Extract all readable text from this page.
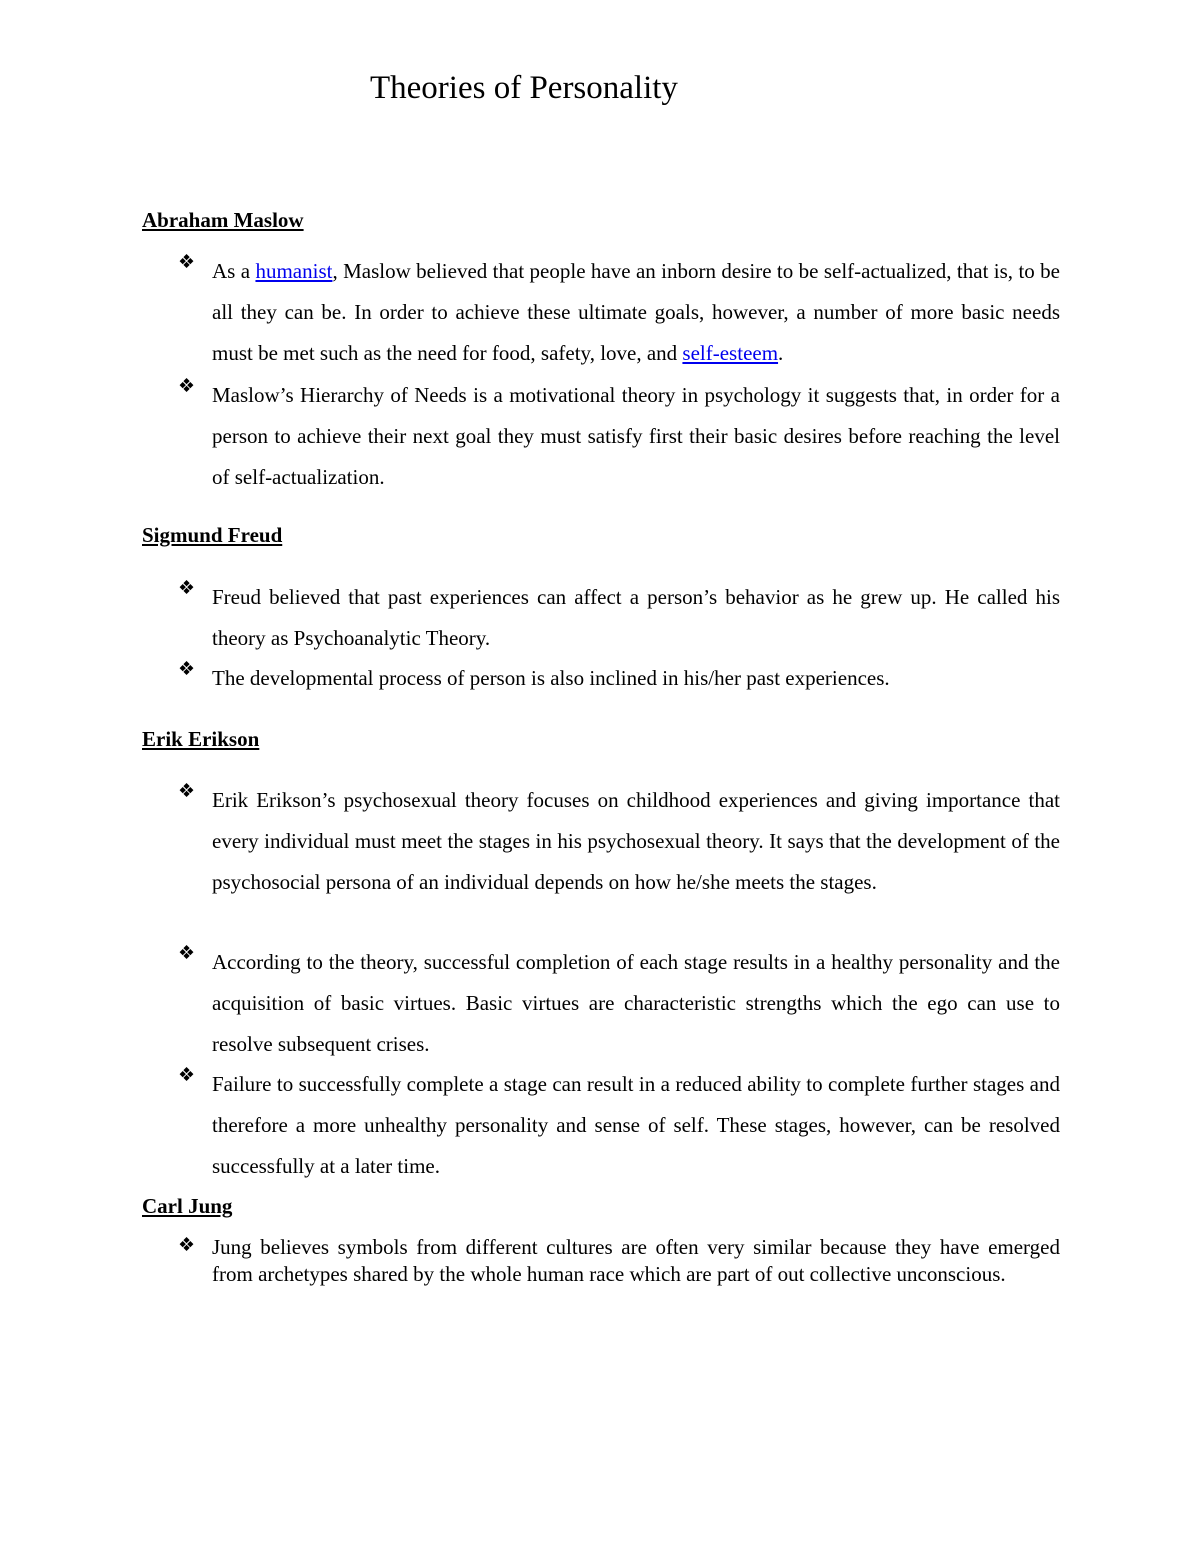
Theories of Personality
Abraham Maslow
❖ As a humanist, Maslow believed that people have an inborn desire to be self-actualized, that is, to be all they can be. In order to achieve these ultimate goals, however, a number of more basic needs must be met such as the need for food, safety, love, and self-esteem.
❖ Maslow’s Hierarchy of Needs is a motivational theory in psychology it suggests that, in order for a person to achieve their next goal they must satisfy first their basic desires before reaching the level of self-actualization.
Sigmund Freud
❖ Freud believed that past experiences can affect a person’s behavior as he grew up. He called his theory as Psychoanalytic Theory.
❖ The developmental process of person is also inclined in his/her past experiences.
Erik Erikson
❖ Erik Erikson’s psychosexual theory focuses on childhood experiences and giving importance that every individual must meet the stages in his psychosexual theory. It says that the development of the psychosocial persona of an individual depends on how he/she meets the stages.
❖ According to the theory, successful completion of each stage results in a healthy personality and the acquisition of basic virtues. Basic virtues are characteristic strengths which the ego can use to resolve subsequent crises.
❖ Failure to successfully complete a stage can result in a reduced ability to complete further stages and therefore a more unhealthy personality and sense of self. These stages, however, can be resolved successfully at a later time.
Carl Jung
❖ Jung believes symbols from different cultures are often very similar because they have emerged from archetypes shared by the whole human race which are part of out collective unconscious.
